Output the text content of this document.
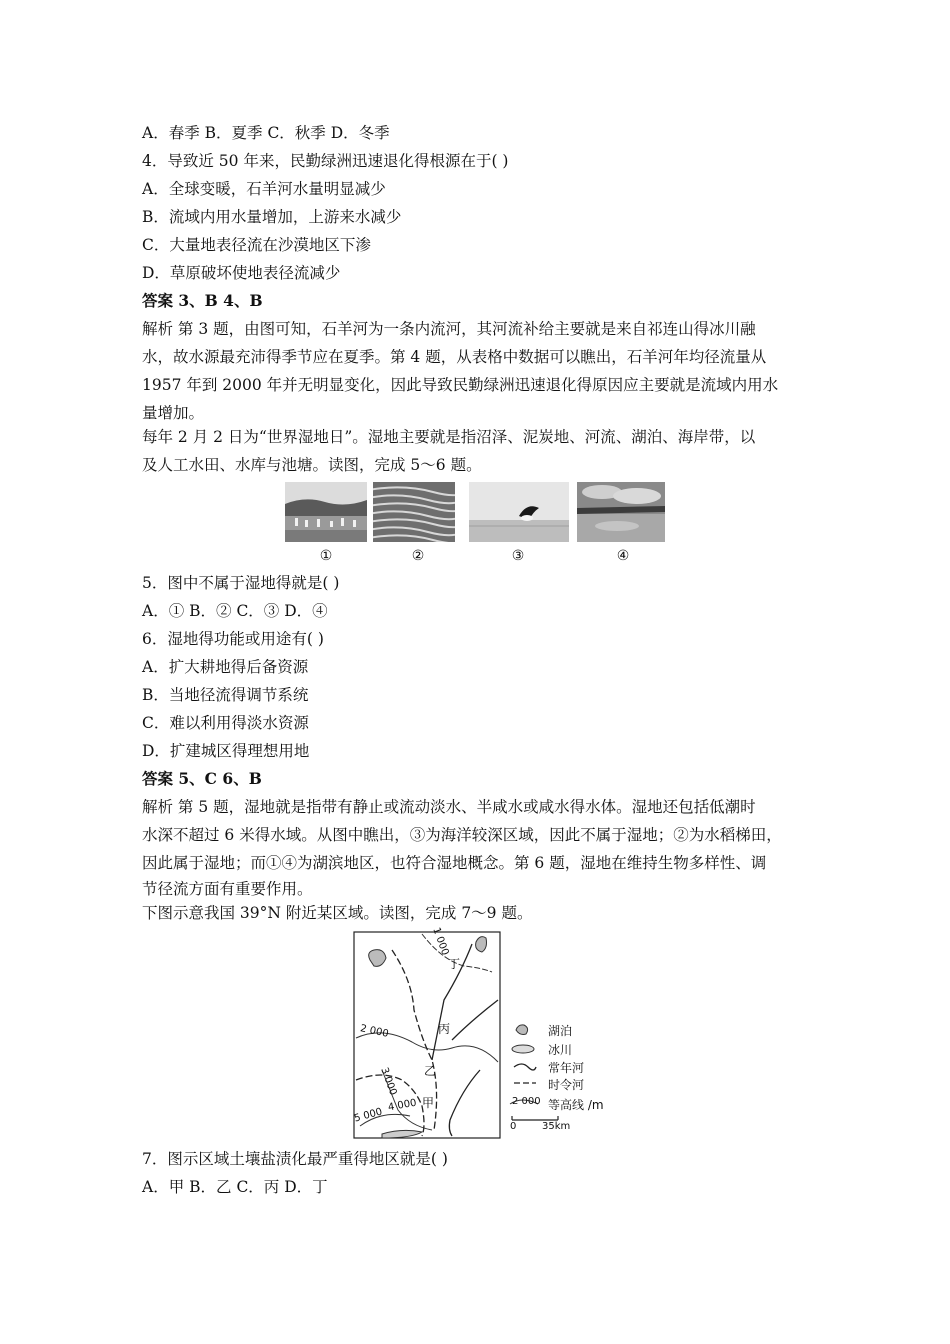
A．春季 B．夏季 C．秋季 D．冬季
4．导致近 50 年来，民勤绿洲迅速退化得根源在于( )
A．全球变暖，石羊河水量明显减少
B．流域内用水量增加，上游来水减少
C．大量地表径流在沙漠地区下渗
D．草原破坏使地表径流减少
答案 3、B 4、B
解析 第 3 题，由图可知，石羊河为一条内流河，其河流补给主要就是来自祁连山得冰川融
水，故水源最充沛得季节应在夏季。第 4 题，从表格中数据可以瞧出，石羊河年均径流量从
1957 年到 2000 年并无明显变化，因此导致民勤绿洲迅速退化得原因应主要就是流域内用水
量增加。
每年 2 月 2 日为“世界湿地日”。湿地主要就是指沼泽、泥炭地、河流、湖泊、海岸带，以
及人工水田、水库与池塘。读图，完成 5～6 题。
①	②	③	④
5．图中不属于湿地得就是( )
A．① B．② C．③ D．④
6．湿地得功能或用途有( )
A．扩大耕地得后备资源
B．当地径流得调节系统
C．难以利用得淡水资源
D．扩建城区得理想用地
答案 5、C 6、B
解析 第 5 题，湿地就是指带有静止或流动淡水、半咸水或咸水得水体。湿地还包括低潮时
水深不超过 6 米得水域。从图中瞧出，③为海洋较深区域，因此不属于湿地；②为水稻梯田，
因此属于湿地；而①④为湖滨地区，也符合湿地概念。第 6 题，湿地在维持生物多样性、调
节径流方面有重要作用。
下图示意我国 39°N 附近某区域。读图，完成 7～9 题。
丁
丙
乙
甲
1 000
2 000
3 000
4 000
5 000
湖泊
冰川
常年河
时令河
2 000 等高线 /m
0	35km
7．图示区域土壤盐渍化最严重得地区就是( )
A．甲 B．乙 C．丙 D．丁
